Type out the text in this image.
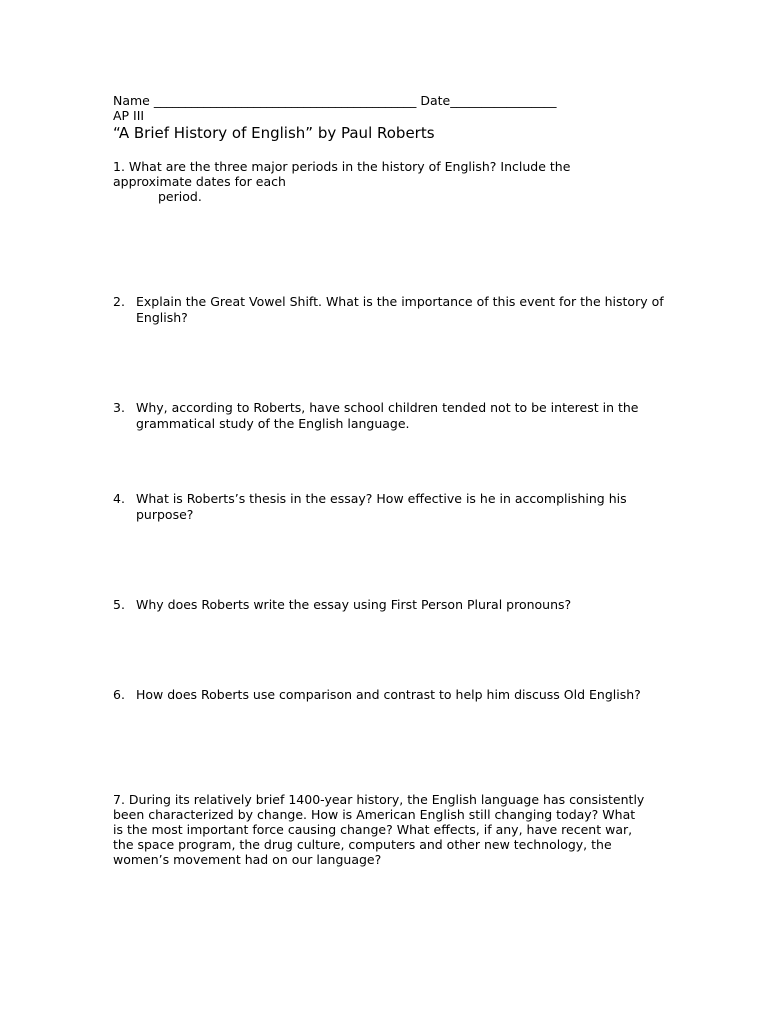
Name __________________________________________ Date_________________
AP III
“A Brief History of English” by Paul Roberts
1. What are the three major periods in the history of English? Include the
approximate dates for each

period.
2. Explain the Great Vowel Shift. What is the importance of this event for the history of English?
3. Why, according to Roberts, have school children tended not to be interest in the grammatical study of the English language.
4. What is Roberts’s thesis in the essay? How effective is he in accomplishing his purpose?
5. Why does Roberts write the essay using First Person Plural pronouns?
6. How does Roberts use comparison and contrast to help him discuss Old English?
7. During its relatively brief 1400-year history, the English language has consistently
been characterized by change. How is American English still changing today? What
is the most important force causing change? What effects, if any, have recent war,
the space program, the drug culture, computers and other new technology, the
women’s movement had on our language?
